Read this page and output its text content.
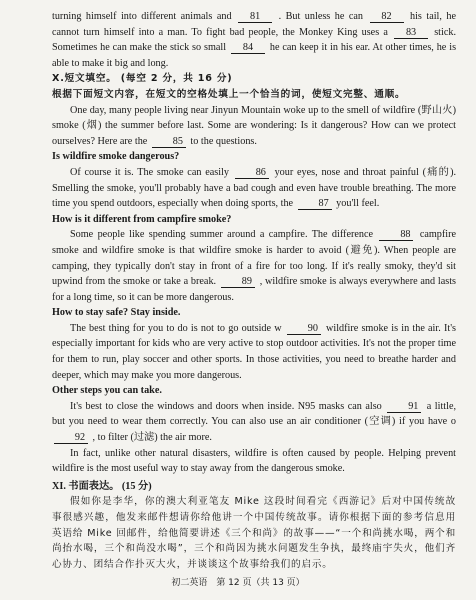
turning himself into different animals and 81 . But unless he can 82 his tail, he cannot turn himself into a man. To fight bad people, the Monkey King uses a 83 stick. Sometimes he can make the stick so small 84 he can keep it in his ear. At other times, he is able to make it big and long.

X.短文填空。 (每空 2 分，共 16 分)

根据下面短文内容，在短文的空格处填上一个恰当的词，使短文完整、通顺。

One day, many people living near Jinyun Mountain woke up to the smell of wildfire (野山火) smoke (烟) the summer before last. Some are wondering: Is it dangerous? How can we protect ourselves? Here are the 85 to the questions.

Is wildfire smoke dangerous?

Of course it is. The smoke can easily	86 your eyes, nose and throat painful (痛的). Smelling the smoke, you'll probably have a bad cough and even have trouble breathing. The more time you spend outdoors, especially when doing sports, the 87 you'll feel.

How is it different from campfire smoke?

Some people like spending summer around a campfire. The difference	88 campfire smoke and wildfire smoke is that wildfire smoke is harder to avoid (避免). When people are camping, they typically don't stay in front of a fire for too long. If it's really smoky, they'd sit upwind from the smoke or take a break.	89 , wildfire smoke is always everywhere and lasts for a long time, so it can be more dangerous.

How to stay safe? Stay inside.

The best thing for you to do is not to go outside w	90 wildfire smoke is in the air. It's especially important for kids who are very active to stop outdoor activities. It's not the proper time for them to run, play soccer and other sports. In those activities, you need to breathe harder and deeper, which may make you more dangerous.

Other steps you can take.

It's best to close the windows and doors when inside. N95 masks can also	91 a little, but you need to wear them correctly. You can also use an air conditioner (空调) if you have o 92 , to filter (过滤) the air more.

In fact, unlike other natural disasters, wildfire is often caused by people. Helping prevent wildfire is the most useful way to stay away from the dangerous smoke.

XI. 书面表达。 (15 分)

假如你是李华，你的澳大利亚笔友 Mike 这段时间看完《西游记》后对中国传统故事很感兴趣，他发来邮件想请你给他讲一个中国传统故事。请你根据下面的参考信息用英语给 Mike 回邮件，给他简要讲述《三个和尚》的故事——“一个和尚挑水喝，两个和尚抬水喝，三个和尚没水喝”，三个和尚因为挑水问题发生争执，最终庙宇失火，他们齐心协力、团结合作扑灭大火，并谈谈这个故事给我们的启示。

初二英语　第 12 页（共 13 页）
